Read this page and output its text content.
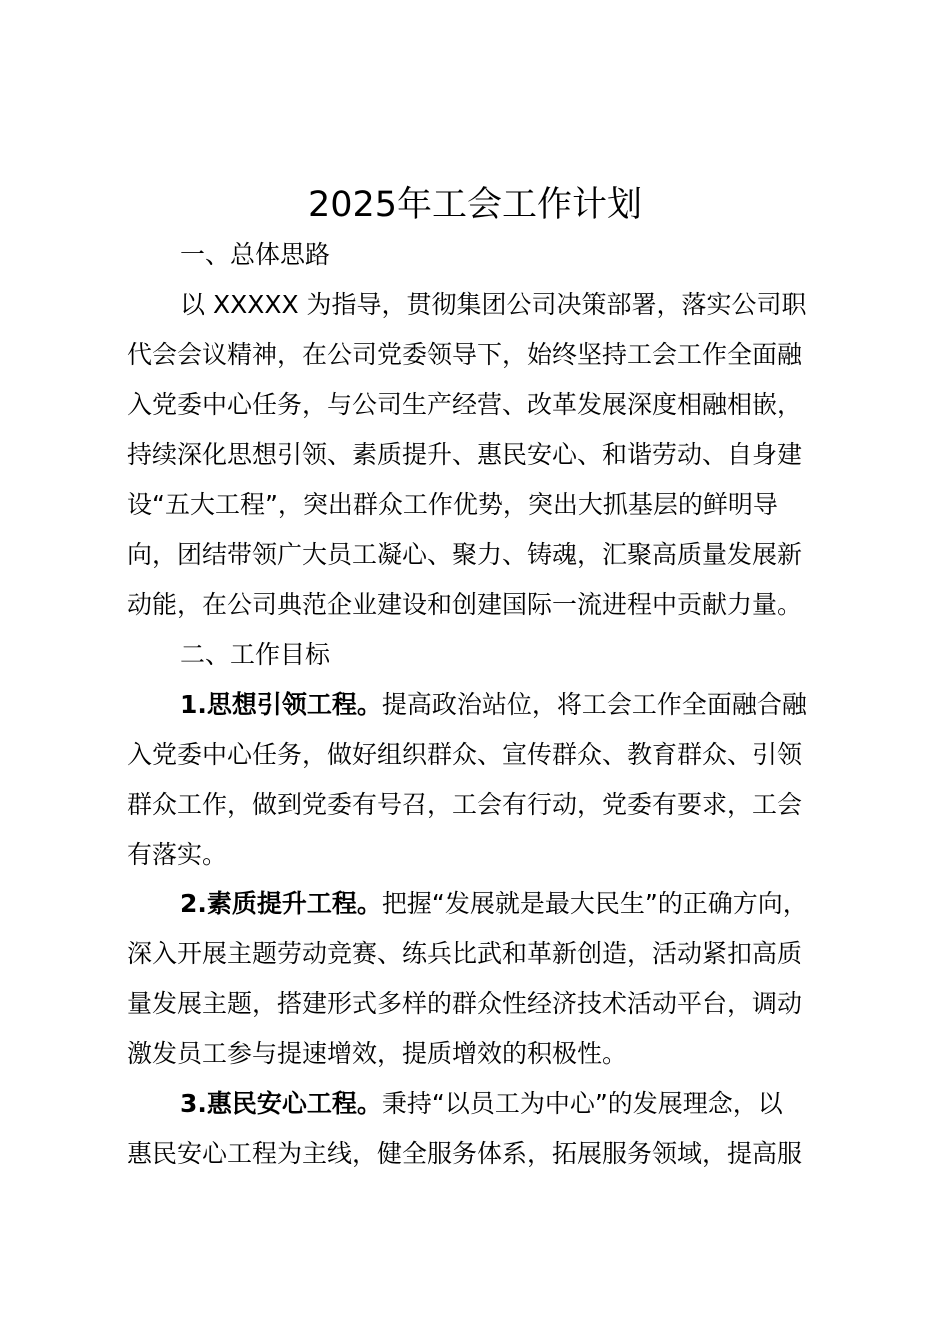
2025年工会工作计划
一、总体思路
以 XXXXX 为指导，贯彻集团公司决策部署，落实公司职
代会会议精神，在公司党委领导下，始终坚持工会工作全面融
入党委中心任务，与公司生产经营、改革发展深度相融相嵌，
持续深化思想引领、素质提升、惠民安心、和谐劳动、自身建
设“五大工程”，突出群众工作优势，突出大抓基层的鲜明导
向，团结带领广大员工凝心、聚力、铸魂，汇聚高质量发展新
动能，在公司典范企业建设和创建国际一流进程中贡献力量。
二、工作目标
1.思想引领工程。提高政治站位，将工会工作全面融合融
入党委中心任务，做好组织群众、宣传群众、教育群众、引领
群众工作，做到党委有号召，工会有行动，党委有要求，工会
有落实。
2.素质提升工程。把握“发展就是最大民生”的正确方向，
深入开展主题劳动竞赛、练兵比武和革新创造，活动紧扣高质
量发展主题，搭建形式多样的群众性经济技术活动平台，调动
激发员工参与提速增效，提质增效的积极性。
3.惠民安心工程。秉持“以员工为中心”的发展理念，以
惠民安心工程为主线，健全服务体系，拓展服务领域，提高服
